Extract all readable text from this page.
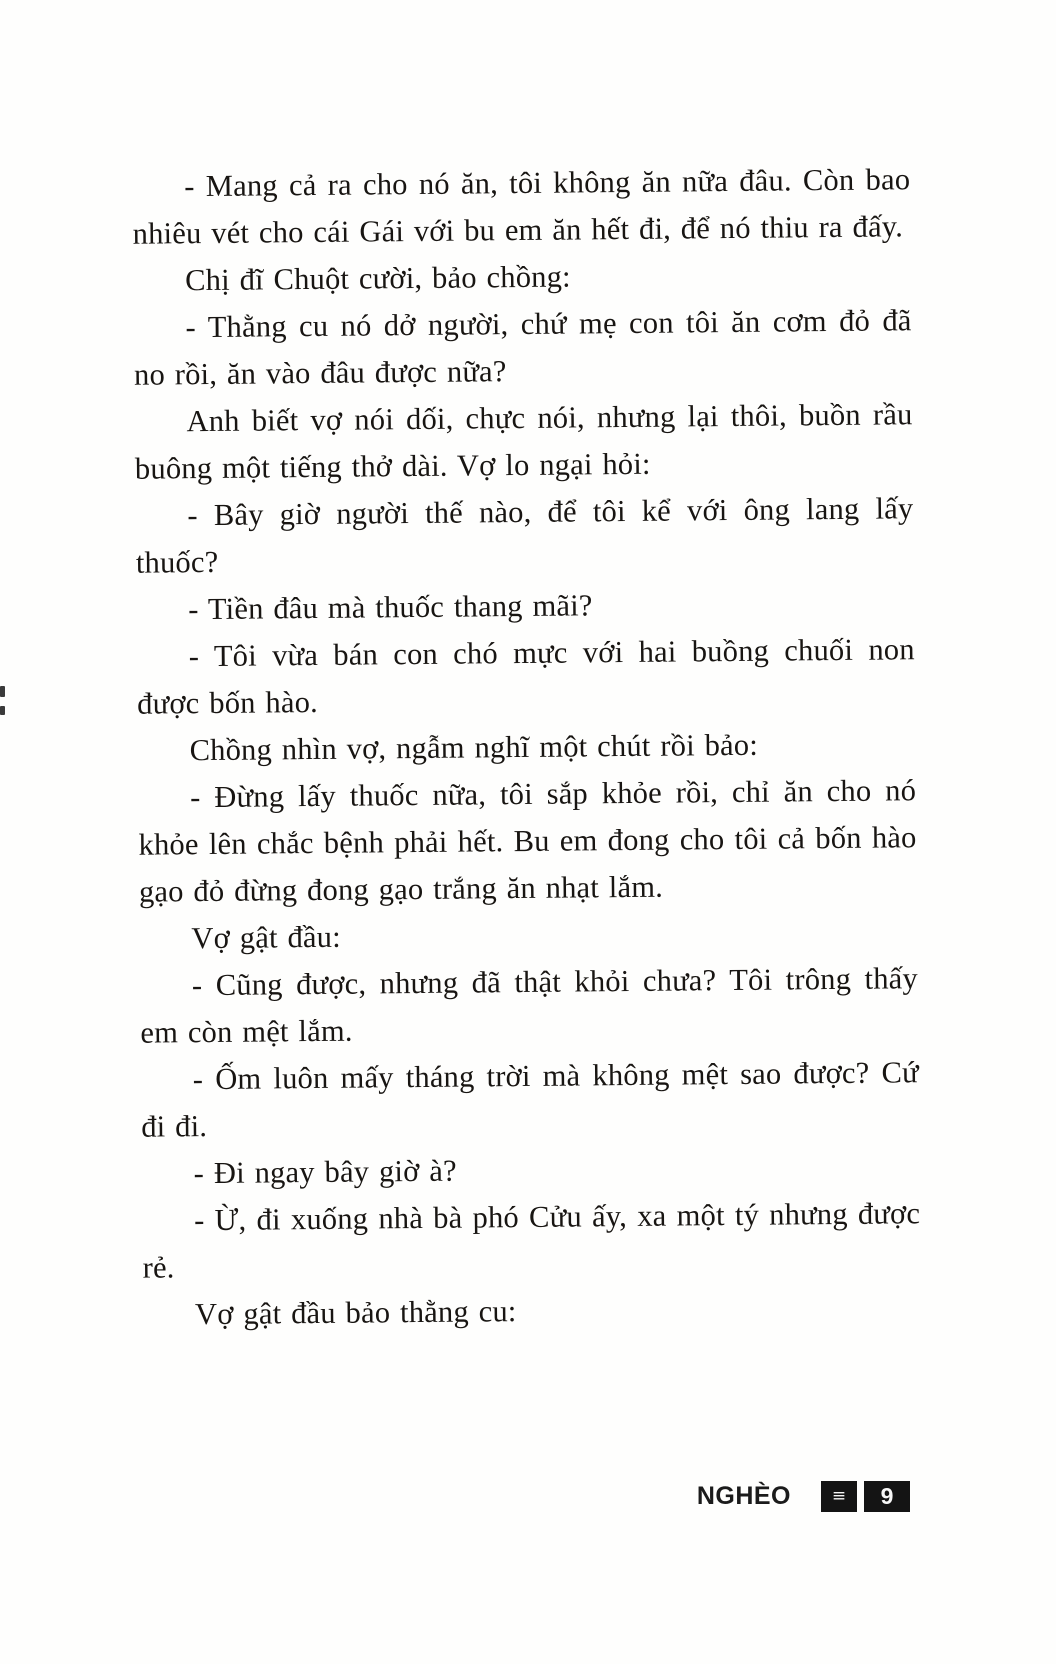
- Mang cả ra cho nó ăn, tôi không ăn nữa đâu. Còn bao nhiêu vét cho cái Gái với bu em ăn hết đi, để nó thiu ra đấy.

Chị đĩ Chuột cười, bảo chồng:

- Thằng cu nó dở người, chứ mẹ con tôi ăn cơm đỏ đã no rồi, ăn vào đâu được nữa?

Anh biết vợ nói dối, chực nói, nhưng lại thôi, buồn rầu buông một tiếng thở dài. Vợ lo ngại hỏi:

- Bây giờ người thế nào, để tôi kể với ông lang lấy thuốc?

- Tiền đâu mà thuốc thang mãi?

- Tôi vừa bán con chó mực với hai buồng chuối non được bốn hào.

Chồng nhìn vợ, ngẫm nghĩ một chút rồi bảo:

- Đừng lấy thuốc nữa, tôi sắp khỏe rồi, chỉ ăn cho nó khỏe lên chắc bệnh phải hết. Bu em đong cho tôi cả bốn hào gạo đỏ đừng đong gạo trắng ăn nhạt lắm.

Vợ gật đầu:

- Cũng được, nhưng đã thật khỏi chưa? Tôi trông thấy em còn mệt lắm.

- Ốm luôn mấy tháng trời mà không mệt sao được? Cứ đi đi.

- Đi ngay bây giờ à?

- Ừ, đi xuống nhà bà phó Cửu ấy, xa một tý nhưng được rẻ.

Vợ gật đầu bảo thằng cu:

NGHÈO ≡	9
